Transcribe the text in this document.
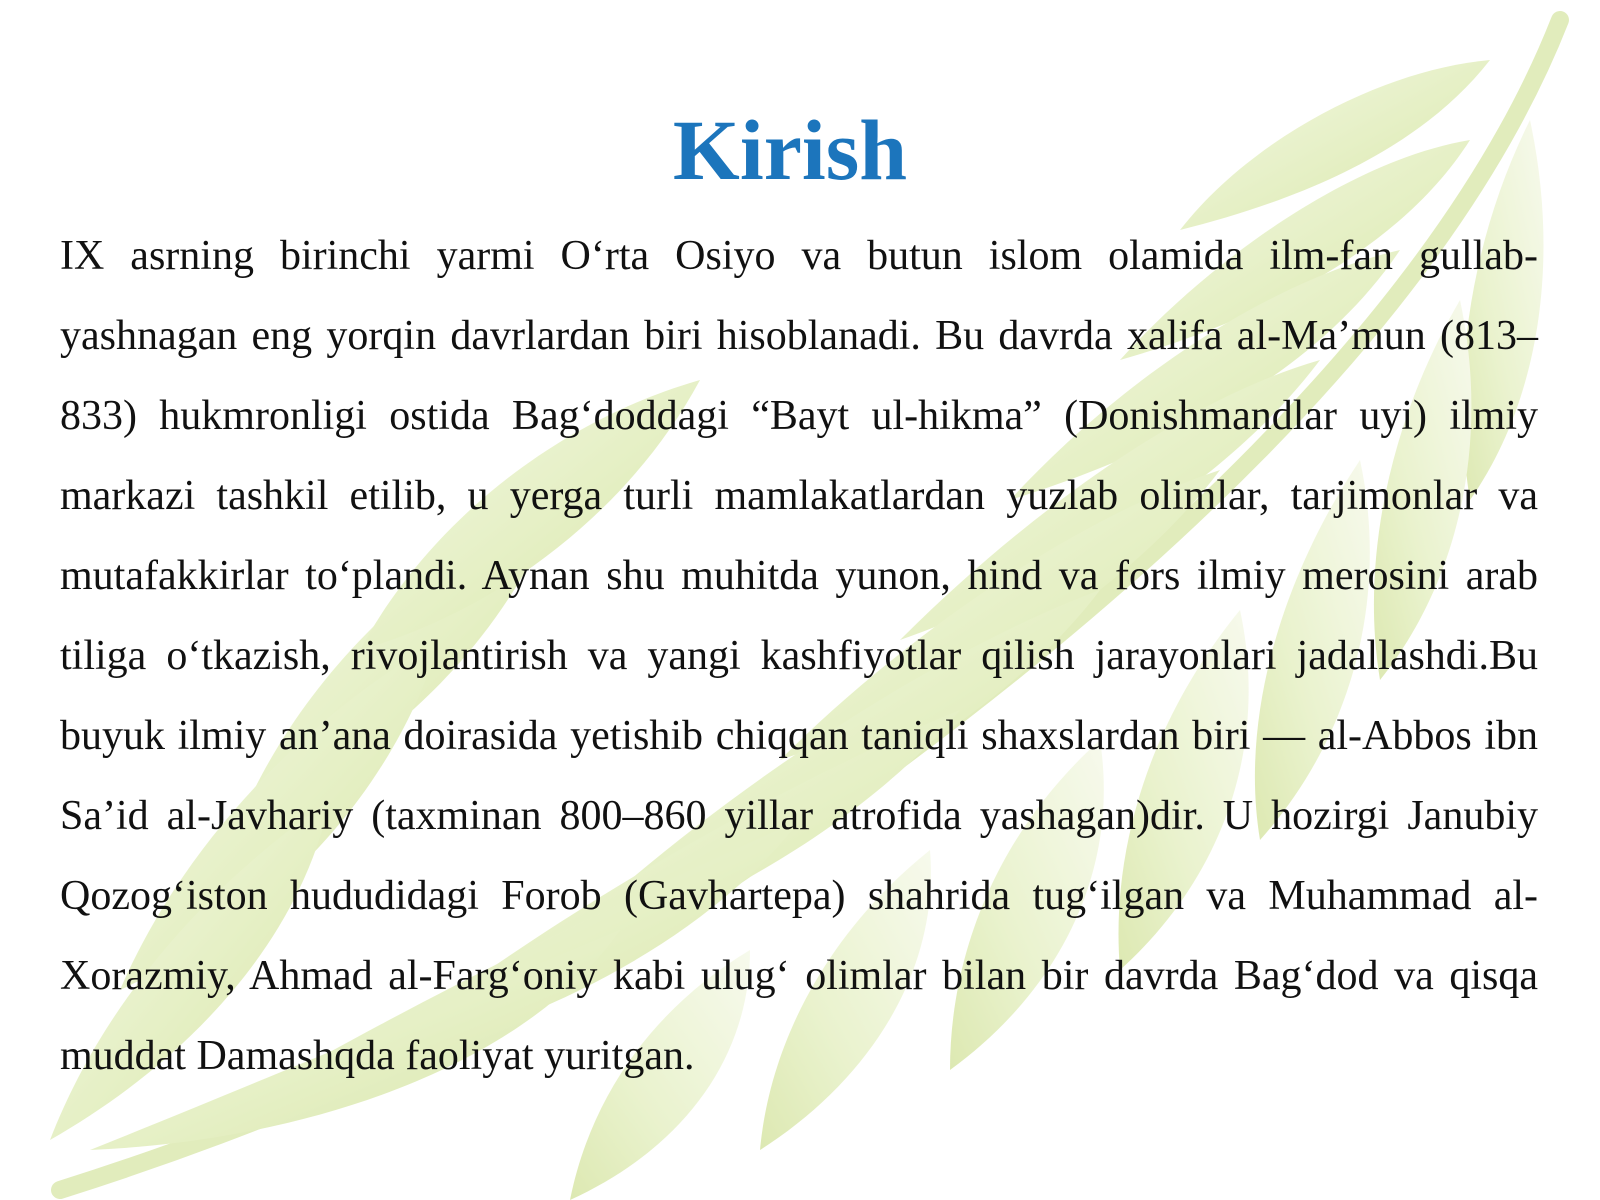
Kirish

IX asrning birinchi yarmi O‘rta Osiyo va butun islom olamida ilm-fan gullab-yashnagan eng yorqin davrlardan biri hisoblanadi. Bu davrda xalifa al-Ma’mun (813–833) hukmronligi ostida Bag‘doddagi “Bayt ul-hikma” (Donishmandlar uyi) ilmiy markazi tashkil etilib, u yerga turli mamlakatlardan yuzlab olimlar, tarjimonlar va mutafakkirlar to‘plandi. Aynan shu muhitda yunon, hind va fors ilmiy merosini arab tiliga o‘tkazish, rivojlantirish va yangi kashfiyotlar qilish jarayonlari jadallashdi.Bu buyuk ilmiy an’ana doirasida yetishib chiqqan taniqli shaxslardan biri — al-Abbos ibn Sa’id al-Javhariy (taxminan 800–860 yillar atrofida yashagan)dir. U hozirgi Janubiy Qozog‘iston hududidagi Forob (Gavhartepa) shahrida tug‘ilgan va Muhammad al-Xorazmiy, Ahmad al-Farg‘oniy kabi ulug‘ olimlar bilan bir davrda Bag‘dod va qisqa muddat Damashqda faoliyat yuritgan.
